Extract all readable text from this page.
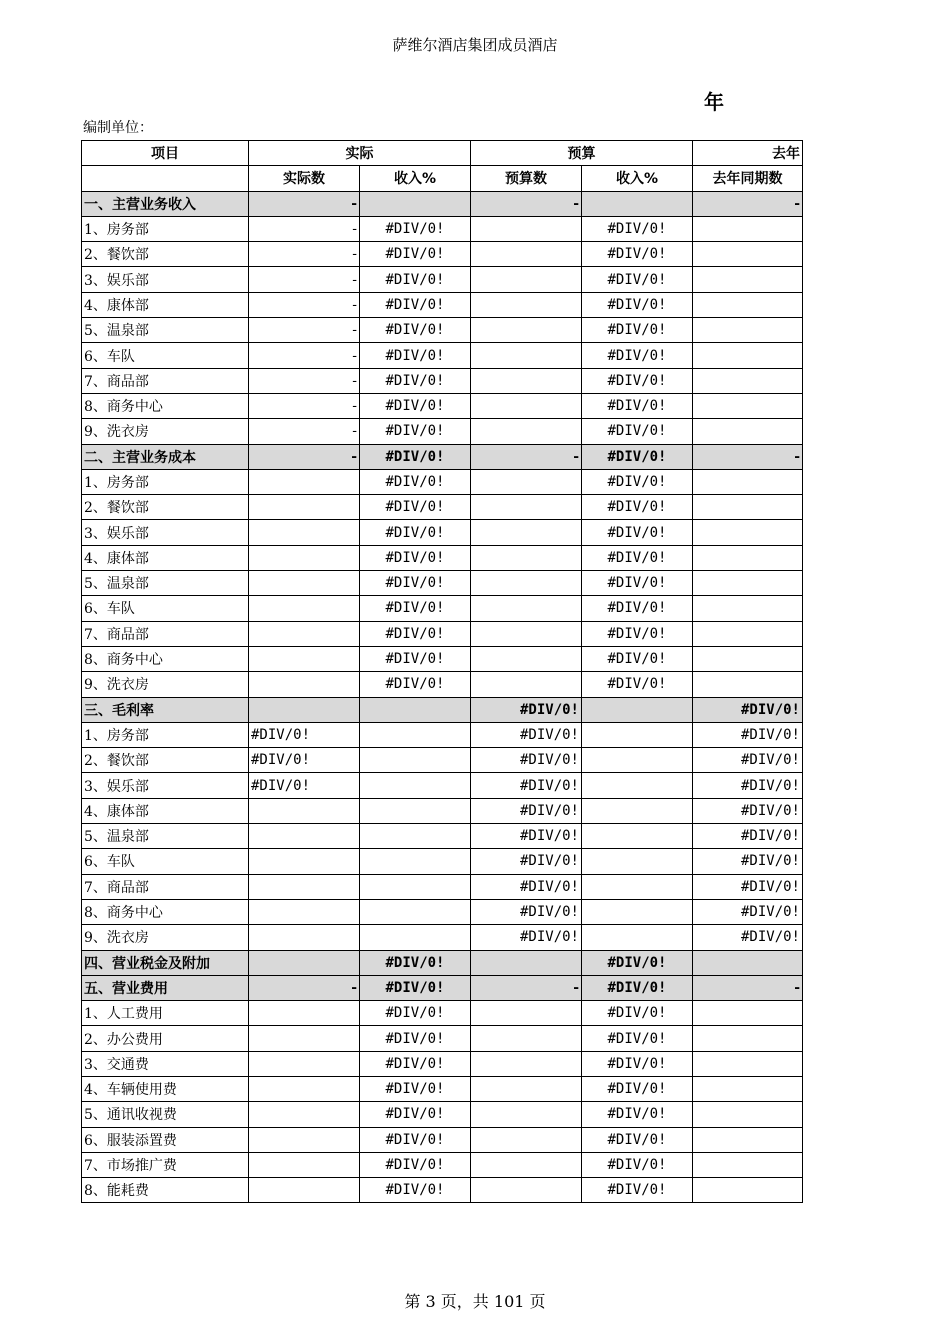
萨维尔酒店集团成员酒店
年
编制单位：
项目	实际		预算		去年
	实际数	收入%	预算数	收入%	去年同期数
一、主营业务收入	-		-		-
1、房务部	-	#DIV/0!		#DIV/0!	
2、餐饮部	-	#DIV/0!		#DIV/0!	
3、娱乐部	-	#DIV/0!		#DIV/0!	
4、康体部	-	#DIV/0!		#DIV/0!	
5、温泉部	-	#DIV/0!		#DIV/0!	
6、车队	-	#DIV/0!		#DIV/0!	
7、商品部	-	#DIV/0!		#DIV/0!	
8、商务中心	-	#DIV/0!		#DIV/0!	
9、洗衣房	-	#DIV/0!		#DIV/0!	
二、主营业务成本	-	#DIV/0!	-	#DIV/0!	-
1、房务部		#DIV/0!		#DIV/0!	
2、餐饮部		#DIV/0!		#DIV/0!	
3、娱乐部		#DIV/0!		#DIV/0!	
4、康体部		#DIV/0!		#DIV/0!	
5、温泉部		#DIV/0!		#DIV/0!	
6、车队		#DIV/0!		#DIV/0!	
7、商品部		#DIV/0!		#DIV/0!	
8、商务中心		#DIV/0!		#DIV/0!	
9、洗衣房		#DIV/0!		#DIV/0!	
三、毛利率			#DIV/0!		#DIV/0!
1、房务部	#DIV/0!		#DIV/0!		#DIV/0!
2、餐饮部	#DIV/0!		#DIV/0!		#DIV/0!
3、娱乐部	#DIV/0!		#DIV/0!		#DIV/0!
4、康体部			#DIV/0!		#DIV/0!
5、温泉部			#DIV/0!		#DIV/0!
6、车队			#DIV/0!		#DIV/0!
7、商品部			#DIV/0!		#DIV/0!
8、商务中心			#DIV/0!		#DIV/0!
9、洗衣房			#DIV/0!		#DIV/0!
四、营业税金及附加		#DIV/0!		#DIV/0!	
五、营业费用	-	#DIV/0!	-	#DIV/0!	-
1、人工费用		#DIV/0!		#DIV/0!	
2、办公费用		#DIV/0!		#DIV/0!	
3、交通费		#DIV/0!		#DIV/0!	
4、车辆使用费		#DIV/0!		#DIV/0!	
5、通讯收视费		#DIV/0!		#DIV/0!	
6、服装添置费		#DIV/0!		#DIV/0!	
7、市场推广费		#DIV/0!		#DIV/0!	
8、能耗费		#DIV/0!		#DIV/0!	
第 3 页，共 101 页
